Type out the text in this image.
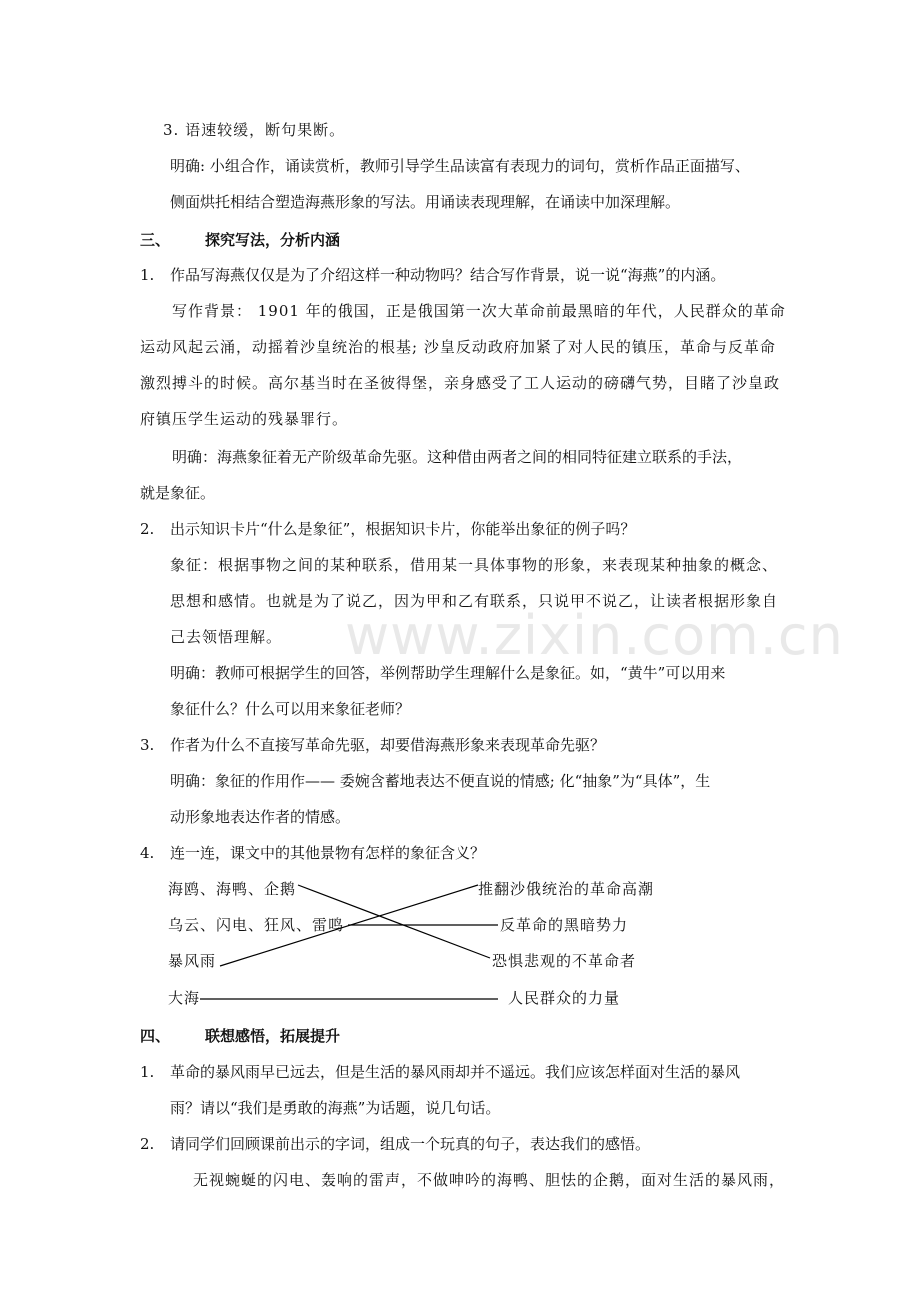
www.zixin.com.cn
3. 语速较缓，断句果断。
明确: 小组合作，诵读赏析，教师引导学生品读富有表现力的词句，赏析作品正面描写、
侧面烘托相结合塑造海燕形象的写法。用诵读表现理解，在诵读中加深理解。
三、 探究写法，分析内涵
1. 作品写海燕仅仅是为了介绍这样一种动物吗？结合写作背景，说一说“海燕”的内涵。
写作背景： 1901 年的俄国，正是俄国第一次大革命前最黑暗的年代，人民群众的革命
运动风起云涌，动摇着沙皇统治的根基; 沙皇反动政府加紧了对人民的镇压，革命与反革命
激烈搏斗的时候。高尔基当时在圣彼得堡，亲身感受了工人运动的磅礴气势，目睹了沙皇政
府镇压学生运动的残暴罪行。
明确：海燕象征着无产阶级革命先驱。这种借由两者之间的相同特征建立联系的手法，
就是象征。
2. 出示知识卡片“什么是象征”，根据知识卡片，你能举出象征的例子吗？
象征：根据事物之间的某种联系，借用某一具体事物的形象，来表现某种抽象的概念、
思想和感情。也就是为了说乙，因为甲和乙有联系，只说甲不说乙，让读者根据形象自
己去领悟理解。
明确：教师可根据学生的回答，举例帮助学生理解什么是象征。如，“黄牛”可以用来
象征什么？什么可以用来象征老师？
3. 作者为什么不直接写革命先驱，却要借海燕形象来表现革命先驱？
明确：象征的作用作—— 委婉含蓄地表达不便直说的情感; 化“抽象”为“具体”，生
动形象地表达作者的情感。
4. 连一连，课文中的其他景物有怎样的象征含义？
海鸥、海鸭、企鹅	推翻沙俄统治的革命高潮
乌云、闪电、狂风、雷鸣	反革命的黑暗势力
暴风雨	恐惧悲观的不革命者
大海	人民群众的力量
四、 联想感悟，拓展提升
1. 革命的暴风雨早已远去，但是生活的暴风雨却并不遥远。我们应该怎样面对生活的暴风
雨？请以“我们是勇敢的海燕”为话题，说几句话。
2. 请同学们回顾课前出示的字词，组成一个玩真的句子，表达我们的感悟。
无视蜿蜒的闪电、轰响的雷声，不做呻吟的海鸭、胆怯的企鹅，面对生活的暴风雨，
